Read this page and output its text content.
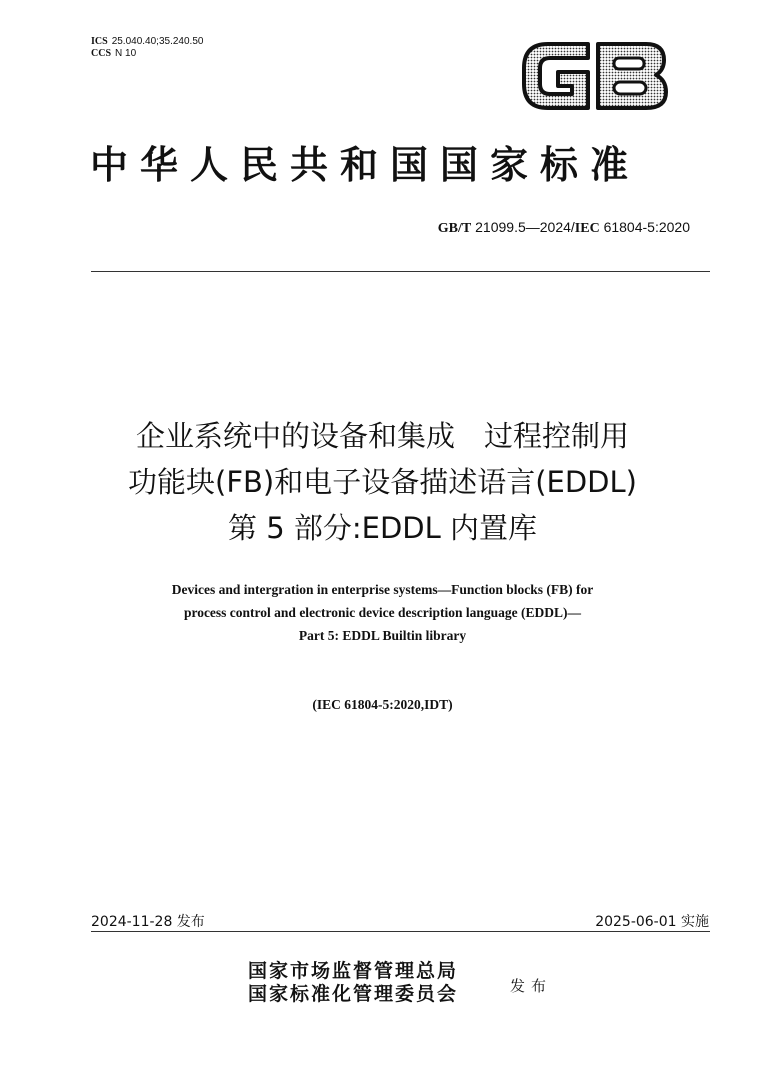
ICS 25.040.40;35.240.50
CCS N 10
中华人民共和国国家标准
GB/T 21099.5—2024/IEC 61804-5:2020
企业系统中的设备和集成　过程控制用
功能块(FB)和电子设备描述语言(EDDL)
第 5 部分:EDDL 内置库
Devices and intergration in enterprise systems—Function blocks (FB) for
process control and electronic device description language (EDDL)—
Part 5: EDDL Builtin library
(IEC 61804-5:2020,IDT)
2024-11-28 发布	2025-06-01 实施
国家市场监督管理总局
国家标准化管理委员会	发布
